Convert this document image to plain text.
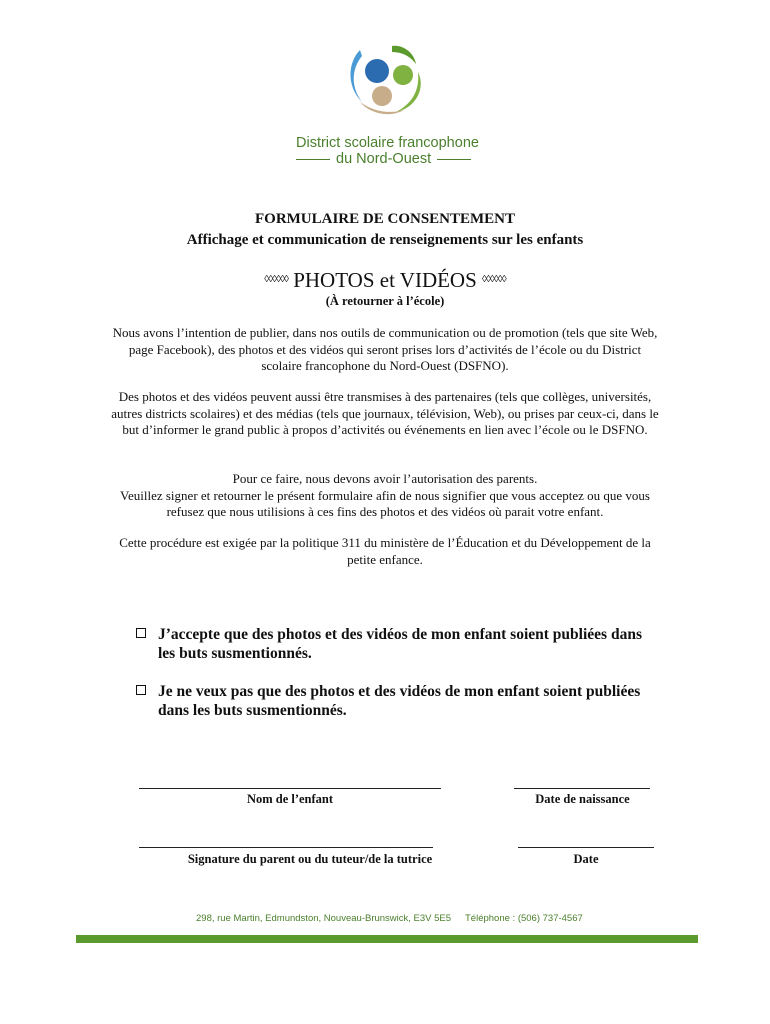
District scolaire francophone
du Nord-Ouest
FORMULAIRE DE CONSENTEMENT
Affichage et communication de renseignements sur les enfants
◊◊◊◊◊◊ PHOTOS et VIDÉOS ◊◊◊◊◊◊
(À retourner à l’école)
Nous avons l’intention de publier, dans nos outils de communication ou de promotion (tels que site Web, page Facebook), des photos et des vidéos qui seront prises lors d’activités de l’école ou du District scolaire francophone du Nord-Ouest (DSFNO).
Des photos et des vidéos peuvent aussi être transmises à des partenaires (tels que collèges, universités, autres districts scolaires) et des médias (tels que journaux, télévision, Web), ou prises par ceux-ci, dans le but d’informer le grand public à propos d’activités ou événements en lien avec l’école ou le DSFNO.
Pour ce faire, nous devons avoir l’autorisation des parents.
Veuillez signer et retourner le présent formulaire afin de nous signifier que vous acceptez ou que vous refusez que nous utilisions à ces fins des photos et des vidéos où parait votre enfant.
Cette procédure est exigée par la politique 311 du ministère de l’Éducation et du Développement de la petite enfance.
J’accepte que des photos et des vidéos de mon enfant soient publiées dans les buts susmentionnés.
Je ne veux pas que des photos et des vidéos de mon enfant soient publiées dans les buts susmentionnés.
Nom de l’enfant	Date de naissance
Signature du parent ou du tuteur/de la tutrice	Date
298, rue Martin, Edmundston, Nouveau-Brunswick, E3V 5E5 Téléphone : (506) 737-4567
